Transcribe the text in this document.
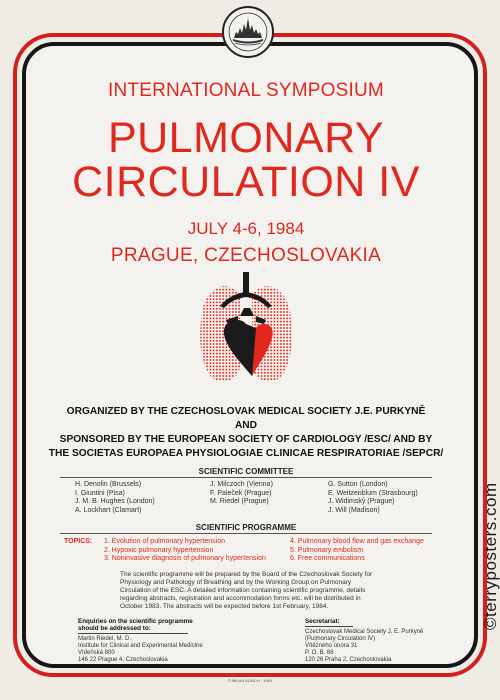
INTERNATIONAL SYMPOSIUM
PULMONARY
CIRCULATION IV
JULY 4-6, 1984
PRAGUE, CZECHOSLOVAKIA
ORGANIZED BY THE CZECHOSLOVAK MEDICAL SOCIETY J.E. PURKYNĚ
AND
SPONSORED BY THE EUROPEAN SOCIETY OF CARDIOLOGY /ESC/ AND BY
THE SOCIETAS EUROPAEA PHYSIOLOGIAE CLINICAE RESPIRATORIAE /SEPCR/
SCIENTIFIC COMMITTEE
H. Denolin (Brussels)
I. Giuntini (Pisa)
J. M. B. Hughes (London)
A. Lockhart (Clamart)
J. Milczoch (Vienna)
F. Paleček (Prague)
M. Riedel (Prague)
G. Sutton (London)
E. Weitzenblum (Strasbourg)
J. Widimský (Prague)
J. Will (Madison)
SCIENTIFIC PROGRAMME
TOPICS: 1. Evolution of pulmonary hypertension
2. Hypoxic pulmonary hypertension
3. Noninvasive diagnosis of pulmonary hypertension
4. Pulmonary blood flow and gas exchange
5. Pulmonary embolism
6. Free communications
The scientific programme will be prepared by the Board of the Czechoslovak Society for Physiology and Pathology of Breathing and by the Working Group on Pulmonary Circulation of the ESC. A detailed information containing scientific programme, details regarding abstracts, registration and accommodation forms etc. will be distributed in October 1983. The abstracts will be expected before 1st February, 1984.
Enquiries on the scientific programme
should be addressed to:
Martin Riedel, M. D.
Institute for Clinical and Experimental Medicine
Vídeňská 800
146 22 Prague 4, Czechoslovakia
Secretariat:
Czechoslovak Medical Society J. E. Purkyně
(Pulmonary Circulation IV)
Vítězného února 31
P. O. B. 88
120 26 Praha 2, Czechoslovakia
© MILAN ALBICH · 1983
©terryposters.com
